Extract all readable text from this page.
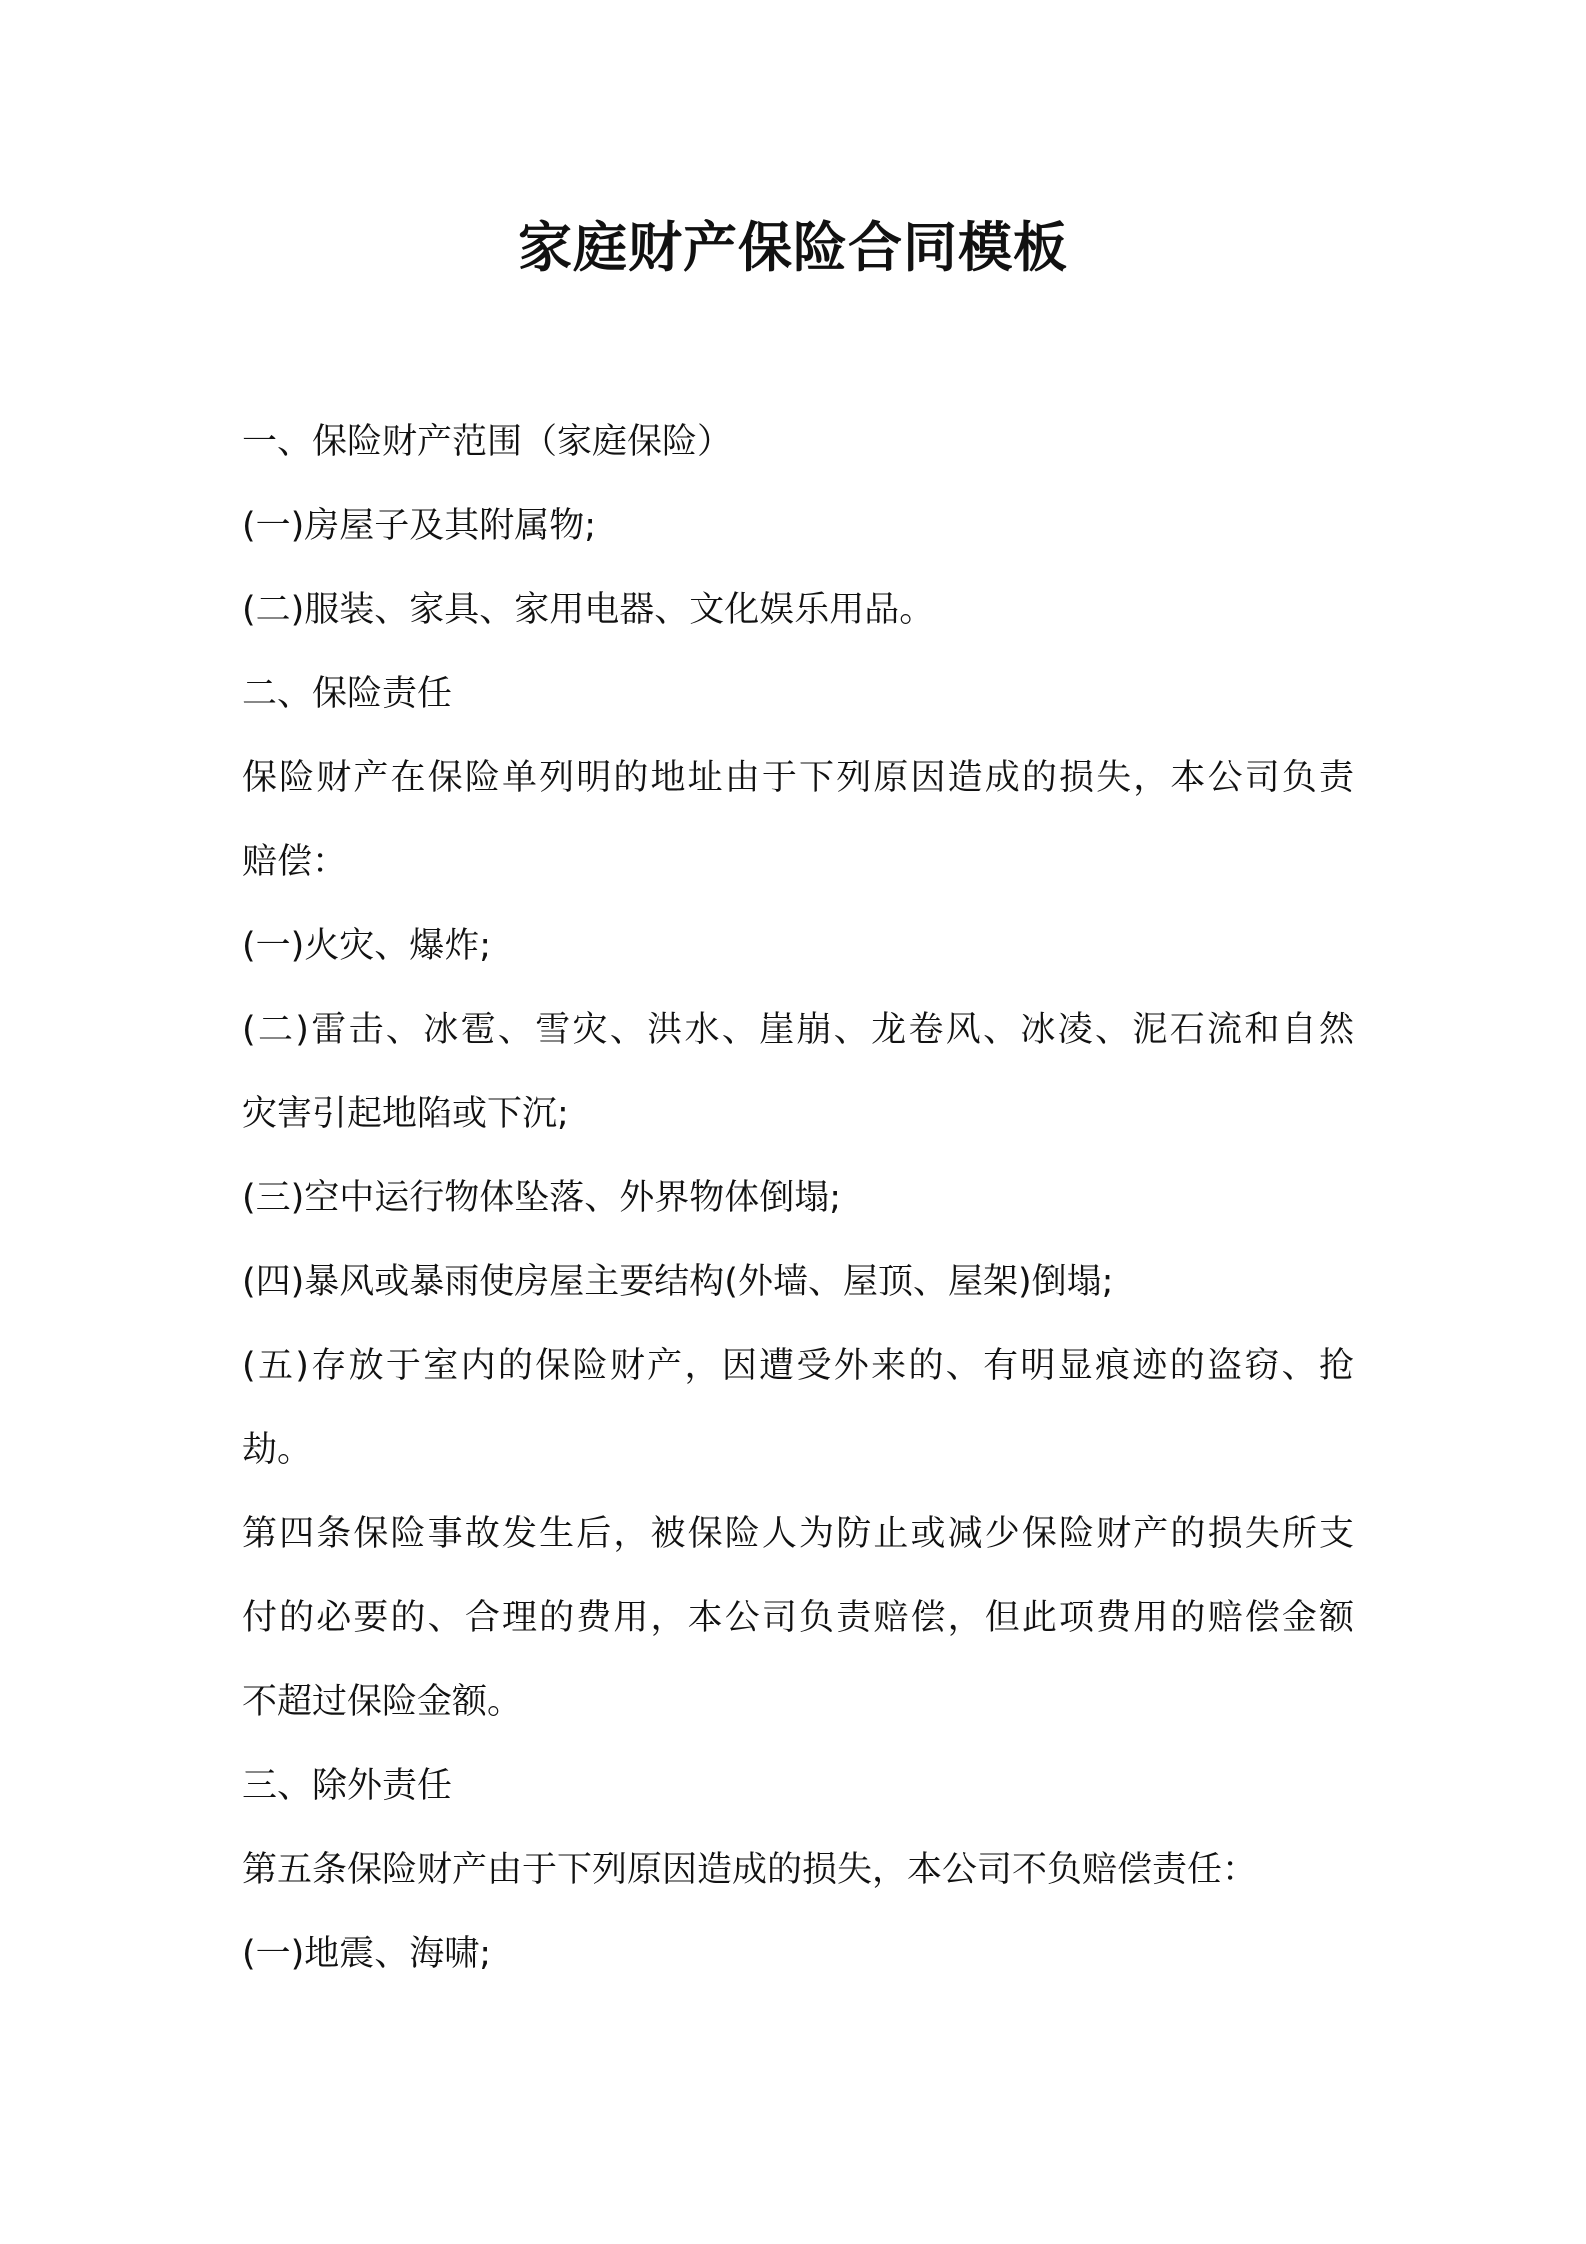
家庭财产保险合同模板

一、保险财产范围（家庭保险）

(一)房屋子及其附属物;

(二)服装、家具、家用电器、文化娱乐用品。

二、保险责任

保险财产在保险单列明的地址由于下列原因造成的损失，本公司负责

赔偿：

(一)火灾、爆炸;

(二)雷击、冰雹、雪灾、洪水、崖崩、龙卷风、冰凌、泥石流和自然

灾害引起地陷或下沉;

(三)空中运行物体坠落、外界物体倒塌;

(四)暴风或暴雨使房屋主要结构(外墙、屋顶、屋架)倒塌;

(五)存放于室内的保险财产，因遭受外来的、有明显痕迹的盗窃、抢

劫。

第四条保险事故发生后，被保险人为防止或减少保险财产的损失所支

付的必要的、合理的费用，本公司负责赔偿，但此项费用的赔偿金额

不超过保险金额。

三、除外责任

第五条保险财产由于下列原因造成的损失，本公司不负赔偿责任：

(一)地震、海啸;
